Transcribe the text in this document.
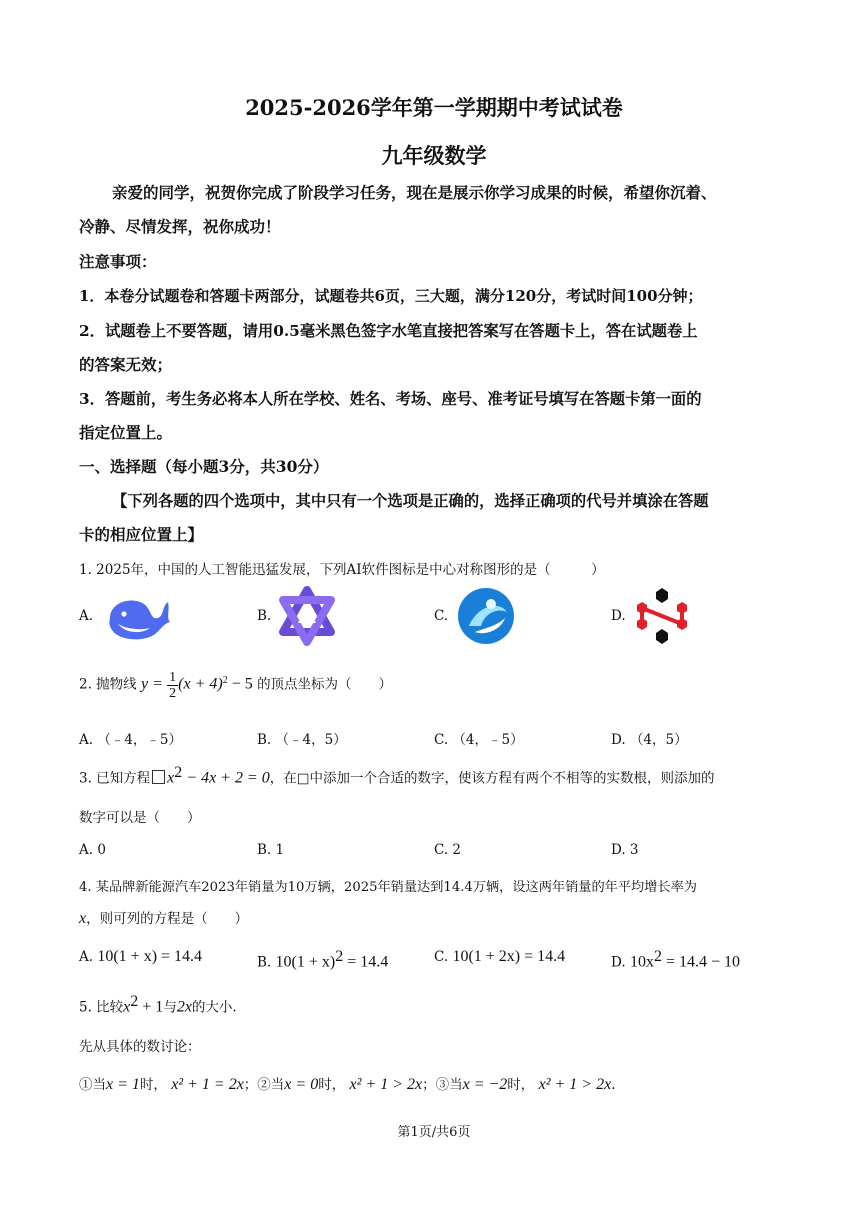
2025-2026学年第一学期期中考试试卷
九年级数学
亲爱的同学，祝贺你完成了阶段学习任务，现在是展示你学习成果的时候，希望你沉着、
冷静、尽情发挥，祝你成功！
注意事项：
1．本卷分试题卷和答题卡两部分，试题卷共6页，三大题，满分120分，考试时间100分钟；
2．试题卷上不要答题，请用0.5毫米黑色签字水笔直接把答案写在答题卡上，答在试题卷上
的答案无效；
3．答题前，考生务必将本人所在学校、姓名、考场、座号、准考证号填写在答题卡第一面的
指定位置上。
一、选择题（每小题3分，共30分）
【下列各题的四个选项中，其中只有一个选项是正确的，选择正确项的代号并填涂在答题
卡的相应位置上】
1. 2025年，中国的人工智能迅猛发展，下列AI软件图标是中心对称图形的是（　　　）
A.	B.	C.	D.
2. 抛物线 $y = \frac{1}{2} (x + 4)^2 - 5$ 的顶点坐标为（　　）
A. （﹣4，﹣5）	B. （﹣4，5）	C. （4，﹣5）	D. （4，5）
3. 已知方程 $x^2 - 4x + 2 = 0$，在□中添加一个合适的数字，使该方程有两个不相等的实数根，则添加的
数字可以是（　　）
A. 0	B. 1	C. 2	D. 3
4. 某品牌新能源汽车2023年销量为10万辆，2025年销量达到14.4万辆，设这两年销量的年平均增长率为
x，则可列的方程是（　　）
A. 10(1 + x) = 14.4	B. $10(1 + x)^2 = 14.4$	C. 10(1 + 2x) = 14.4	D. $10x^2 = 14.4 - 10$
5. 比较$x^2 + 1$与2x的大小.
先从具体的数讨论：
①当x = 1时， x² + 1 = 2x；②当x = 0时， x² + 1 > 2x；③当x = −2时， x² + 1 > 2x.
第1页/共6页
